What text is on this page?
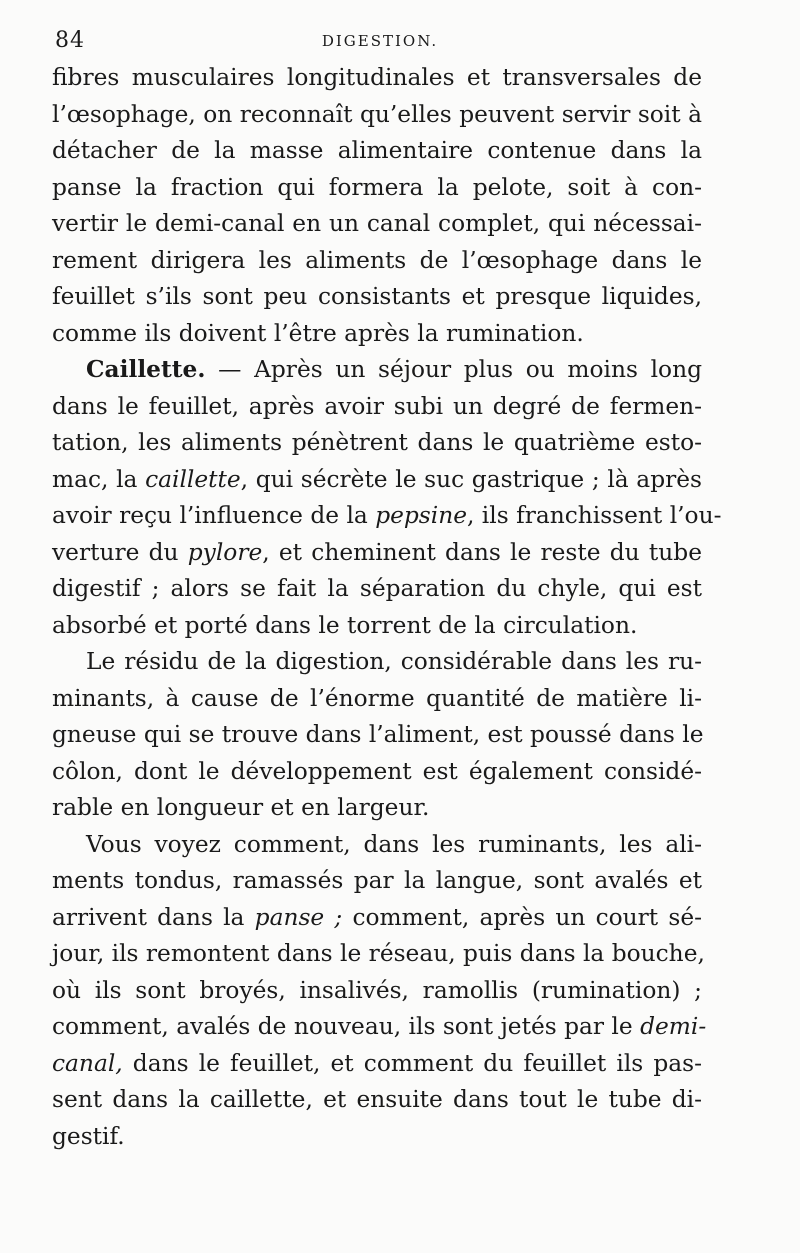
84	DIGESTION.

fibres musculaires longitudinales et transversales de
l’œsophage, on reconnaît qu’elles peuvent servir soit à
détacher de la masse alimentaire contenue dans la
panse la fraction qui formera la pelote, soit à con-
vertir le demi-canal en un canal complet, qui nécessai-
rement dirigera les aliments de l’œsophage dans le
feuillet s’ils sont peu consistants et presque liquides,
comme ils doivent l’être après la rumination.

Caillette. — Après un séjour plus ou moins long
dans le feuillet, après avoir subi un degré de fermen-
tation, les aliments pénètrent dans le quatrième esto-
mac, la caillette, qui sécrète le suc gastrique ; là après
avoir reçu l’influence de la pepsine, ils franchissent l’ou-
verture du pylore, et cheminent dans le reste du tube
digestif ; alors se fait la séparation du chyle, qui est
absorbé et porté dans le torrent de la circulation.

Le résidu de la digestion, considérable dans les ru-
minants, à cause de l’énorme quantité de matière li-
gneuse qui se trouve dans l’aliment, est poussé dans le
côlon, dont le développement est également considé-
rable en longueur et en largeur.

Vous voyez comment, dans les ruminants, les ali-
ments tondus, ramassés par la langue, sont avalés et
arrivent dans la panse ; comment, après un court sé-
jour, ils remontent dans le réseau, puis dans la bouche,
où ils sont broyés, insalivés, ramollis (rumination) ;
comment, avalés de nouveau, ils sont jetés par le demi-
canal, dans le feuillet, et comment du feuillet ils pas-
sent dans la caillette, et ensuite dans tout le tube di-
gestif.
